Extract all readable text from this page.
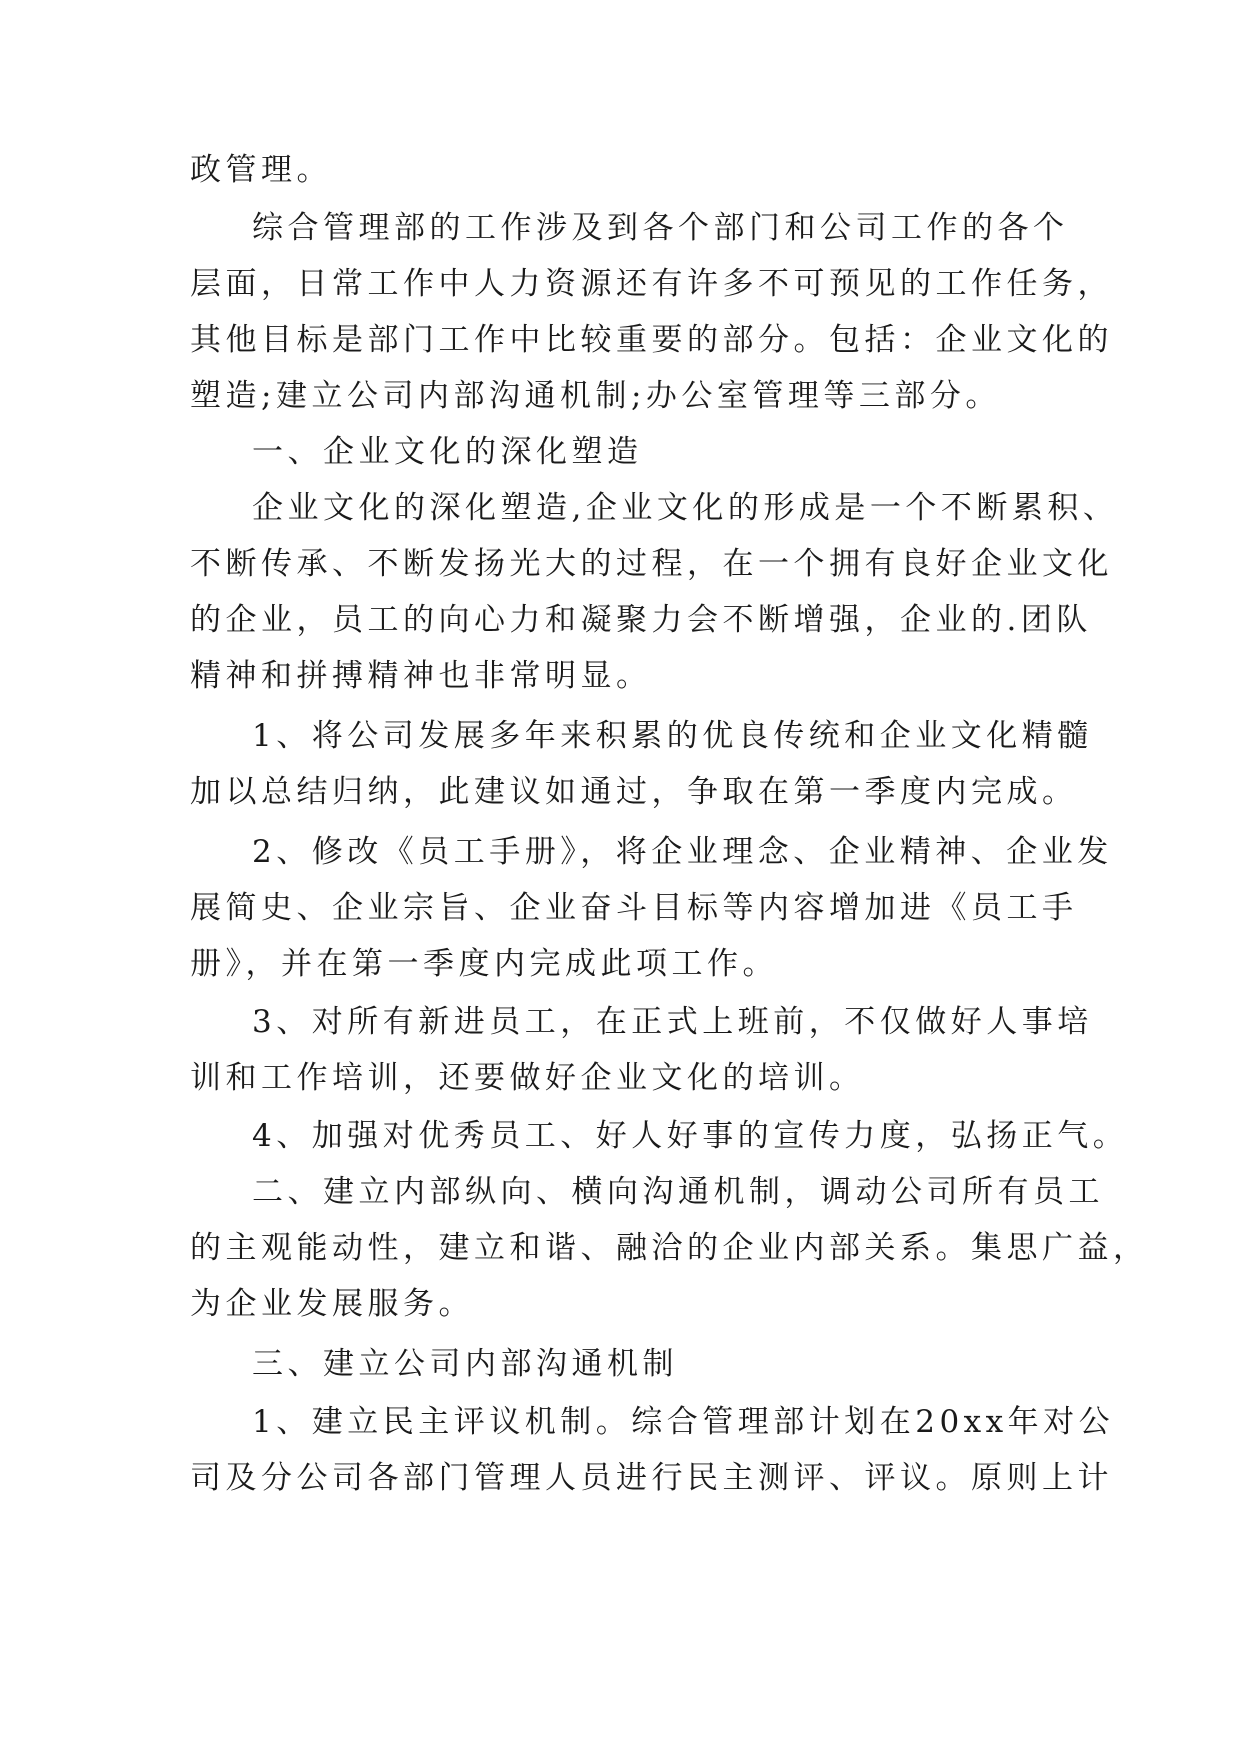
政管理。
综合管理部的工作涉及到各个部门和公司工作的各个
层面，日常工作中人力资源还有许多不可预见的工作任务，
其他目标是部门工作中比较重要的部分。包括：企业文化的
塑造;建立公司内部沟通机制;办公室管理等三部分。
一、企业文化的深化塑造
企业文化的深化塑造,企业文化的形成是一个不断累积、
不断传承、不断发扬光大的过程，在一个拥有良好企业文化
的企业，员工的向心力和凝聚力会不断增强，企业的.团队
精神和拼搏精神也非常明显。
1、将公司发展多年来积累的优良传统和企业文化精髓
加以总结归纳，此建议如通过，争取在第一季度内完成。
2、修改《员工手册》，将企业理念、企业精神、企业发
展简史、企业宗旨、企业奋斗目标等内容增加进《员工手
册》，并在第一季度内完成此项工作。
3、对所有新进员工，在正式上班前，不仅做好人事培
训和工作培训，还要做好企业文化的培训。
4、加强对优秀员工、好人好事的宣传力度，弘扬正气。
二、建立内部纵向、横向沟通机制，调动公司所有员工
的主观能动性，建立和谐、融洽的企业内部关系。集思广益，
为企业发展服务。
三、建立公司内部沟通机制
1、建立民主评议机制。综合管理部计划在20xx年对公
司及分公司各部门管理人员进行民主测评、评议。原则上计
